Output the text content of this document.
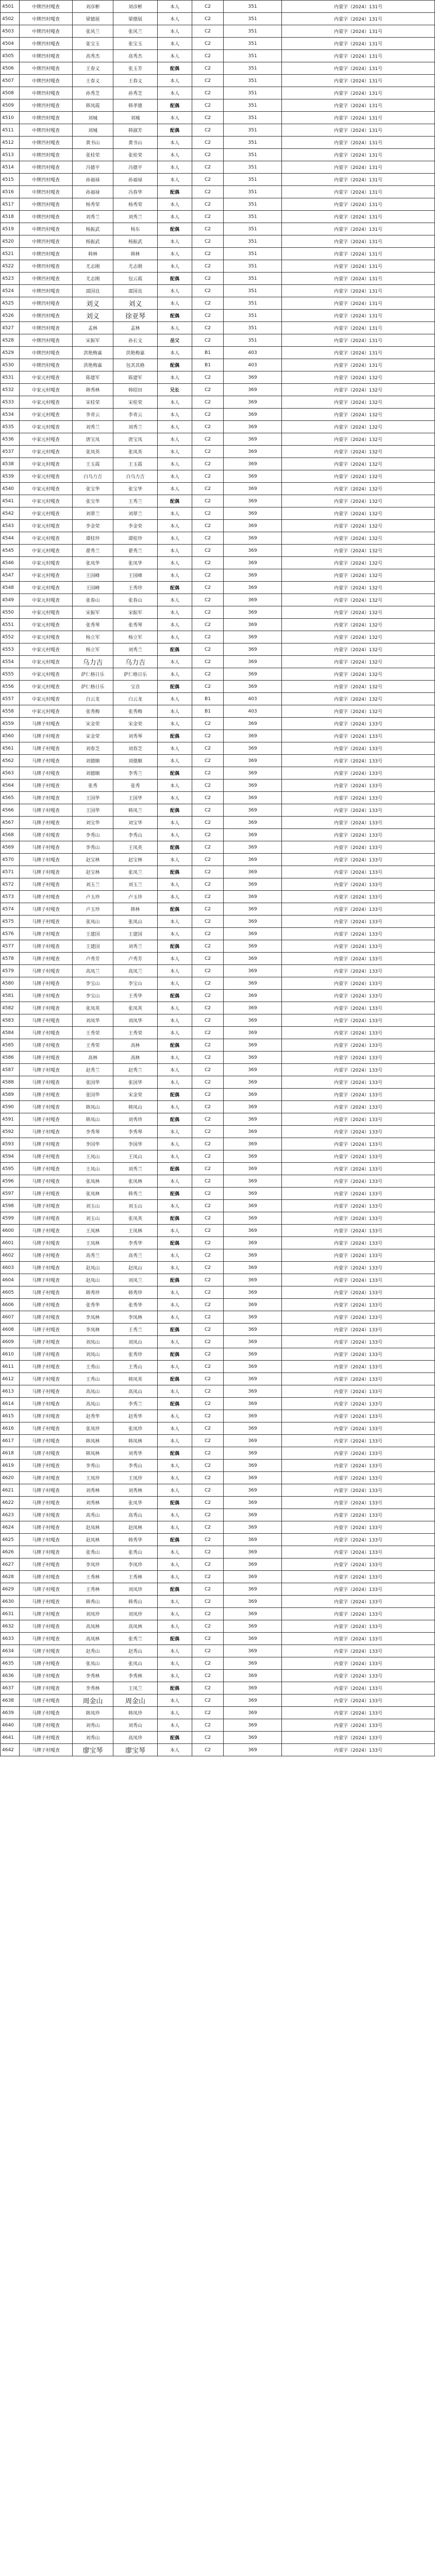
4501	中牌凹村嘎查	刘彦彬	刘彦彬	本人	C2	351	内蒙字（2024）131号
4502	中牌凹村嘎查	梁德展	梁德展	本人	C2	351	内蒙字（2024）131号
4503	中牌凹村嘎查	张风兰	张风兰	本人	C2	351	内蒙字（2024）131号
4504	中牌凹村嘎查	张宝玉	张宝玉	本人	C2	351	内蒙字（2024）131号
4505	中牌凹村嘎查	高秀杰	高秀杰	本人	C2	351	内蒙字（2024）131号
4506	中牌凹村嘎查	王春义	张玉芳	配偶	C2	351	内蒙字（2024）131号
4507	中牌凹村嘎查	王春义	王春义	本人	C2	351	内蒙字（2024）131号
4508	中牌凹村嘎查	孙秀芝	孙秀芝	本人	C2	351	内蒙字（2024）131号
4509	中牌凹村嘎查	韩凤霞	韩孝德	配偶	C2	351	内蒙字（2024）131号
4510	中牌凹村嘎查	刘城	刘城	本人	C2	351	内蒙字（2024）131号
4511	中牌凹村嘎查	刘城	韩淑芳	配偶	C2	351	内蒙字（2024）131号
4512	中牌凹村嘎查	黄书山	黄书山	本人	C2	351	内蒙字（2024）131号
4513	中牌凹村嘎查	张桂荣	张桂荣	本人	C2	351	内蒙字（2024）131号
4514	中牌凹村嘎查	冯德平	冯德平	本人	C2	351	内蒙字（2024）131号
4515	中牌凹村嘎查	孙福禄	孙福禄	本人	C2	351	内蒙字（2024）131号
4516	中牌凹村嘎查	孙福禄	冯春华	配偶	C2	351	内蒙字（2024）131号
4517	中牌凹村嘎查	杨秀荣	杨秀荣	本人	C2	351	内蒙字（2024）131号
4518	中牌凹村嘎查	刘秀兰	刘秀兰	本人	C2	351	内蒙字（2024）131号
4519	中牌凹村嘎查	杨振武	杨东	配偶	C2	351	内蒙字（2024）131号
4520	中牌凹村嘎查	杨振武	杨振武	本人	C2	351	内蒙字（2024）131号
4521	中牌凹村嘎查	韩林	韩林	本人	C2	351	内蒙字（2024）131号
4522	中牌凹村嘎查	尤志刚	尤志刚	本人	C2	351	内蒙字（2024）131号
4523	中牌凹村嘎查	尤志刚	包云霞	配偶	C2	351	内蒙字（2024）131号
4524	中牌凹村嘎查	邵国良	邵国良	本人	C2	351	内蒙字（2024）131号
4525	中牌凹村嘎查	刘义	刘义	本人	C2	351	内蒙字（2024）131号
4526	中牌凹村嘎查	刘义	徐亚琴	配偶	C2	351	内蒙字（2024）131号
4527	中牌凹村嘎查	孟林	孟林	本人	C2	351	内蒙字（2024）131号
4528	中牌凹村嘎查	宋振军	孙长文	岳父	C2	351	内蒙字（2024）131号
4529	中牌凹村嘎查	洪艳梅嘉	洪艳梅嘉	本人	B1	403	内蒙字（2024）131号
4530	中牌凹村嘎查	洪艳梅嘉	包其其格	配偶	B1	403	内蒙字（2024）131号
4531	中家元村嘎查	陈建军	陈建军	本人	C2	369	内蒙字（2024）132号
4532	中家元村嘎查	韩秀林	韩绍田	兄长	C2	369	内蒙字（2024）132号
4533	中家元村嘎查	宋桂荣	宋桂荣	本人	C2	369	内蒙字（2024）132号
4534	中家元村嘎查	李青云	李青云	本人	C2	369	内蒙字（2024）132号
4535	中家元村嘎查	刘秀兰	刘秀兰	本人	C2	369	内蒙字（2024）132号
4536	中家元村嘎查	唐宝凤	唐宝凤	本人	C2	369	内蒙字（2024）132号
4537	中家元村嘎查	张凤英	张凤英	本人	C2	369	内蒙字（2024）132号
4538	中家元村嘎查	王玉霞	王玉霞	本人	C2	369	内蒙字（2024）132号
4539	中家元村嘎查	白乌力吉	白乌力吉	本人	C2	369	内蒙字（2024）132号
4540	中家元村嘎查	张宝华	张宝华	本人	C2	369	内蒙字（2024）132号
4541	中家元村嘎查	张宝华	王秀兰	配偶	C2	369	内蒙字（2024）132号
4542	中家元村嘎查	刘翠兰	刘翠兰	本人	C2	369	内蒙字（2024）132号
4543	中家元村嘎查	李金荣	李金荣	本人	C2	369	内蒙字（2024）132号
4544	中家元村嘎查	谭桂珍	谭桂珍	本人	C2	369	内蒙字（2024）132号
4545	中家元村嘎查	翟秀兰	翟秀兰	本人	C2	369	内蒙字（2024）132号
4546	中家元村嘎查	张凤华	张凤华	本人	C2	369	内蒙字（2024）132号
4547	中家元村嘎查	王国峰	王国峰	本人	C2	369	内蒙字（2024）132号
4548	中家元村嘎查	王国峰	王秀珍	配偶	C2	369	内蒙字（2024）132号
4549	中家元村嘎查	张春山	张春山	本人	C2	369	内蒙字（2024）132号
4550	中家元村嘎查	宋振军	宋振军	本人	C2	369	内蒙字（2024）132号
4551	中家元村嘎查	张秀琴	张秀琴	本人	C2	369	内蒙字（2024）132号
4552	中家元村嘎查	杨立军	杨立军	本人	C2	369	内蒙字（2024）132号
4553	中家元村嘎查	杨立军	刘秀兰	配偶	C2	369	内蒙字（2024）132号
4554	中家元村嘎查	乌力吉	乌力吉	本人	C2	369	内蒙字（2024）132号
4555	中家元村嘎查	萨仁格日乐	萨仁格日乐	本人	C2	369	内蒙字（2024）132号
4556	中家元村嘎查	萨仁格日乐	宝音	配偶	C2	369	内蒙字（2024）132号
4557	中家元村嘎查	白云龙	白云龙	本人	B1	403	内蒙字（2024）132号
4558	中家元村嘎查	张秀梅	张秀梅	本人	B1	403	内蒙字（2024）132号
4559	马牌子村嘎查	宋金荣	宋金荣	本人	C2	369	内蒙字（2024）133号
4560	马牌子村嘎查	宋金荣	刘秀琴	配偶	C2	369	内蒙字（2024）133号
4561	马牌子村嘎查	刘春芝	刘春芝	本人	C2	369	内蒙字（2024）133号
4562	马牌子村嘎查	刘德顺	刘德顺	本人	C2	369	内蒙字（2024）133号
4563	马牌子村嘎查	刘德顺	李秀兰	配偶	C2	369	内蒙字（2024）133号
4564	马牌子村嘎查	张秀	张秀	本人	C2	369	内蒙字（2024）133号
4565	马牌子村嘎查	王国华	王国华	本人	C2	369	内蒙字（2024）133号
4566	马牌子村嘎查	王国华	韩凤兰	配偶	C2	369	内蒙字（2024）133号
4567	马牌子村嘎查	刘宝华	刘宝华	本人	C2	369	内蒙字（2024）133号
4568	马牌子村嘎查	李秀山	李秀山	本人	C2	369	内蒙字（2024）133号
4569	马牌子村嘎查	李秀山	王凤英	配偶	C2	369	内蒙字（2024）133号
4570	马牌子村嘎查	赵宝林	赵宝林	本人	C2	369	内蒙字（2024）133号
4571	马牌子村嘎查	赵宝林	张凤兰	配偶	C2	369	内蒙字（2024）133号
4572	马牌子村嘎查	刘玉兰	刘玉兰	本人	C2	369	内蒙字（2024）133号
4573	马牌子村嘎查	卢玉珍	卢玉珍	本人	C2	369	内蒙字（2024）133号
4574	马牌子村嘎查	卢玉珍	韩林	配偶	C2	369	内蒙字（2024）133号
4575	马牌子村嘎查	张凤山	张凤山	本人	C2	369	内蒙字（2024）133号
4576	马牌子村嘎查	王建国	王建国	本人	C2	369	内蒙字（2024）133号
4577	马牌子村嘎查	王建国	刘秀兰	配偶	C2	369	内蒙字（2024）133号
4578	马牌子村嘎查	卢秀芳	卢秀芳	本人	C2	369	内蒙字（2024）133号
4579	马牌子村嘎查	高凤兰	高凤兰	本人	C2	369	内蒙字（2024）133号
4580	马牌子村嘎查	李宝山	李宝山	本人	C2	369	内蒙字（2024）133号
4581	马牌子村嘎查	李宝山	王秀华	配偶	C2	369	内蒙字（2024）133号
4582	马牌子村嘎查	张凤英	张凤英	本人	C2	369	内蒙字（2024）133号
4583	马牌子村嘎查	刘凤华	刘凤华	本人	C2	369	内蒙字（2024）133号
4584	马牌子村嘎查	王秀荣	王秀荣	本人	C2	369	内蒙字（2024）133号
4585	马牌子村嘎查	王秀荣	高林	配偶	C2	369	内蒙字（2024）133号
4586	马牌子村嘎查	高林	高林	本人	C2	369	内蒙字（2024）133号
4587	马牌子村嘎查	赵秀兰	赵秀兰	本人	C2	369	内蒙字（2024）133号
4588	马牌子村嘎查	张国华	张国华	本人	C2	369	内蒙字（2024）133号
4589	马牌子村嘎查	张国华	宋金荣	配偶	C2	369	内蒙字（2024）133号
4590	马牌子村嘎查	韩凤山	韩凤山	本人	C2	369	内蒙字（2024）133号
4591	马牌子村嘎查	韩凤山	刘秀珍	配偶	C2	369	内蒙字（2024）133号
4592	马牌子村嘎查	李秀琴	李秀琴	本人	C2	369	内蒙字（2024）133号
4593	马牌子村嘎查	李国华	李国华	本人	C2	369	内蒙字（2024）133号
4594	马牌子村嘎查	王凤山	王凤山	本人	C2	369	内蒙字（2024）133号
4595	马牌子村嘎查	王凤山	刘秀兰	配偶	C2	369	内蒙字（2024）133号
4596	马牌子村嘎查	张凤林	张凤林	本人	C2	369	内蒙字（2024）133号
4597	马牌子村嘎查	张凤林	韩秀兰	配偶	C2	369	内蒙字（2024）133号
4598	马牌子村嘎查	刘玉山	刘玉山	本人	C2	369	内蒙字（2024）133号
4599	马牌子村嘎查	刘玉山	张凤英	配偶	C2	369	内蒙字（2024）133号
4600	马牌子村嘎查	王凤林	王凤林	本人	C2	369	内蒙字（2024）133号
4601	马牌子村嘎查	王凤林	李秀华	配偶	C2	369	内蒙字（2024）133号
4602	马牌子村嘎查	高秀兰	高秀兰	本人	C2	369	内蒙字（2024）133号
4603	马牌子村嘎查	赵凤山	赵凤山	本人	C2	369	内蒙字（2024）133号
4604	马牌子村嘎查	赵凤山	刘凤兰	配偶	C2	369	内蒙字（2024）133号
4605	马牌子村嘎查	韩秀珍	韩秀珍	本人	C2	369	内蒙字（2024）133号
4606	马牌子村嘎查	张秀华	张秀华	本人	C2	369	内蒙字（2024）133号
4607	马牌子村嘎查	李凤林	李凤林	本人	C2	369	内蒙字（2024）133号
4608	马牌子村嘎查	李凤林	王秀兰	配偶	C2	369	内蒙字（2024）133号
4609	马牌子村嘎查	刘凤山	刘凤山	本人	C2	369	内蒙字（2024）133号
4610	马牌子村嘎查	刘凤山	张秀珍	配偶	C2	369	内蒙字（2024）133号
4611	马牌子村嘎查	王秀山	王秀山	本人	C2	369	内蒙字（2024）133号
4612	马牌子村嘎查	王秀山	韩凤英	配偶	C2	369	内蒙字（2024）133号
4613	马牌子村嘎查	高凤山	高凤山	本人	C2	369	内蒙字（2024）133号
4614	马牌子村嘎查	高凤山	李秀兰	配偶	C2	369	内蒙字（2024）133号
4615	马牌子村嘎查	赵秀华	赵秀华	本人	C2	369	内蒙字（2024）133号
4616	马牌子村嘎查	张凤珍	张凤珍	本人	C2	369	内蒙字（2024）133号
4617	马牌子村嘎查	韩凤林	韩凤林	本人	C2	369	内蒙字（2024）133号
4618	马牌子村嘎查	韩凤林	刘秀华	配偶	C2	369	内蒙字（2024）133号
4619	马牌子村嘎查	李秀山	李秀山	本人	C2	369	内蒙字（2024）133号
4620	马牌子村嘎查	王凤珍	王凤珍	本人	C2	369	内蒙字（2024）133号
4621	马牌子村嘎查	刘秀林	刘秀林	本人	C2	369	内蒙字（2024）133号
4622	马牌子村嘎查	刘秀林	张凤华	配偶	C2	369	内蒙字（2024）133号
4623	马牌子村嘎查	高秀山	高秀山	本人	C2	369	内蒙字（2024）133号
4624	马牌子村嘎查	赵凤林	赵凤林	本人	C2	369	内蒙字（2024）133号
4625	马牌子村嘎查	赵凤林	韩秀华	配偶	C2	369	内蒙字（2024）133号
4626	马牌子村嘎查	张秀山	张秀山	本人	C2	369	内蒙字（2024）133号
4627	马牌子村嘎查	李凤珍	李凤珍	本人	C2	369	内蒙字（2024）133号
4628	马牌子村嘎查	王秀林	王秀林	本人	C2	369	内蒙字（2024）133号
4629	马牌子村嘎查	王秀林	刘凤珍	配偶	C2	369	内蒙字（2024）133号
4630	马牌子村嘎查	韩秀山	韩秀山	本人	C2	369	内蒙字（2024）133号
4631	马牌子村嘎查	刘凤珍	刘凤珍	本人	C2	369	内蒙字（2024）133号
4632	马牌子村嘎查	高凤林	高凤林	本人	C2	369	内蒙字（2024）133号
4633	马牌子村嘎查	高凤林	张秀兰	配偶	C2	369	内蒙字（2024）133号
4634	马牌子村嘎查	赵秀山	赵秀山	本人	C2	369	内蒙字（2024）133号
4635	马牌子村嘎查	张凤山	张凤山	本人	C2	369	内蒙字（2024）133号
4636	马牌子村嘎查	李秀林	李秀林	本人	C2	369	内蒙字（2024）133号
4637	马牌子村嘎查	李秀林	王凤兰	配偶	C2	369	内蒙字（2024）133号
4638	马牌子村嘎查	周金山	周金山	本人	C2	369	内蒙字（2024）133号
4639	马牌子村嘎查	韩凤珍	韩凤珍	本人	C2	369	内蒙字（2024）133号
4640	马牌子村嘎查	刘秀山	刘秀山	本人	C2	369	内蒙字（2024）133号
4641	马牌子村嘎查	刘秀山	高凤珍	配偶	C2	369	内蒙字（2024）133号
4642	马牌子村嘎查	廖宝琴	廖宝琴	本人	C2	369	内蒙字（2024）133号
